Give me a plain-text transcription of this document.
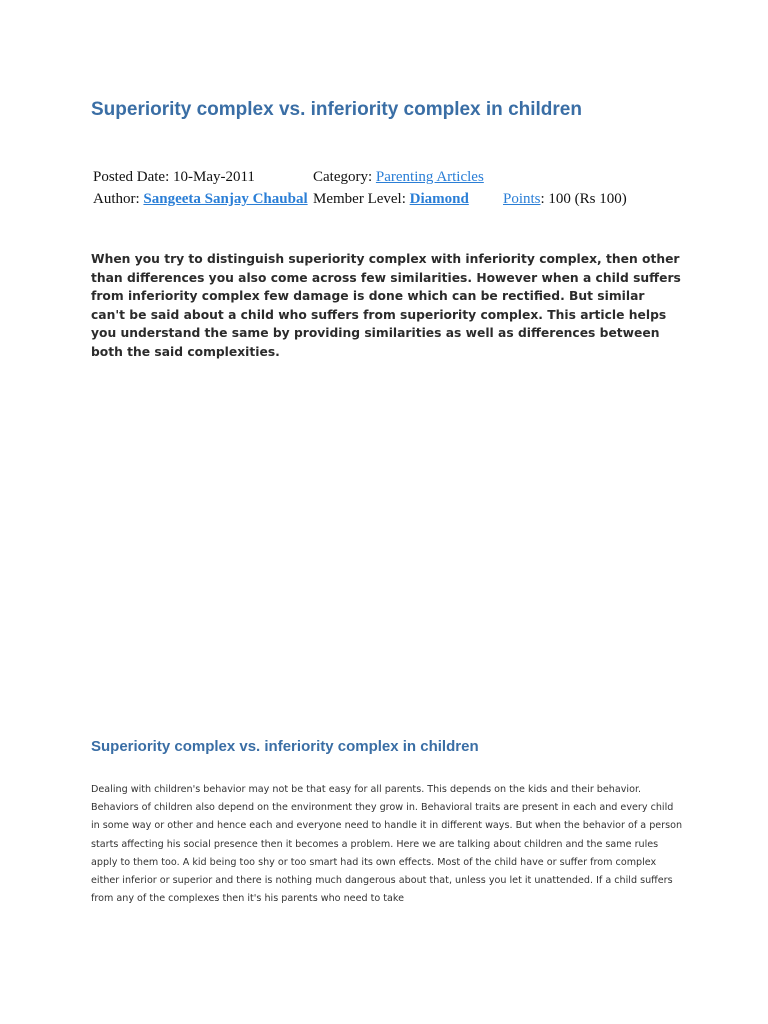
Superiority complex vs. inferiority complex in children
Posted Date: 10-May-2011	Category: Parenting Articles
Author: Sangeeta Sanjay Chaubal Member Level: Diamond Points: 100 (Rs 100)

When you try to distinguish superiority complex with inferiority complex, then other than differences you also come across few similarities. However when a child suffers from inferiority complex few damage is done which can be rectified. But similar can't be said about a child who suffers from superiority complex. This article helps you understand the same by providing similarities as well as differences between both the said complexities.

Superiority complex vs. inferiority complex in children

Dealing with children's behavior may not be that easy for all parents. This depends on the kids and their behavior. Behaviors of children also depend on the environment they grow in. Behavioral traits are present in each and every child in some way or other and hence each and everyone need to handle it in different ways. But when the behavior of a person starts affecting his social presence then it becomes a problem. Here we are talking about children and the same rules apply to them too. A kid being too shy or too smart had its own effects. Most of the child have or suffer from complex either inferior or superior and there is nothing much dangerous about that, unless you let it unattended. If a child suffers from any of the complexes then it's his parents who need to take
